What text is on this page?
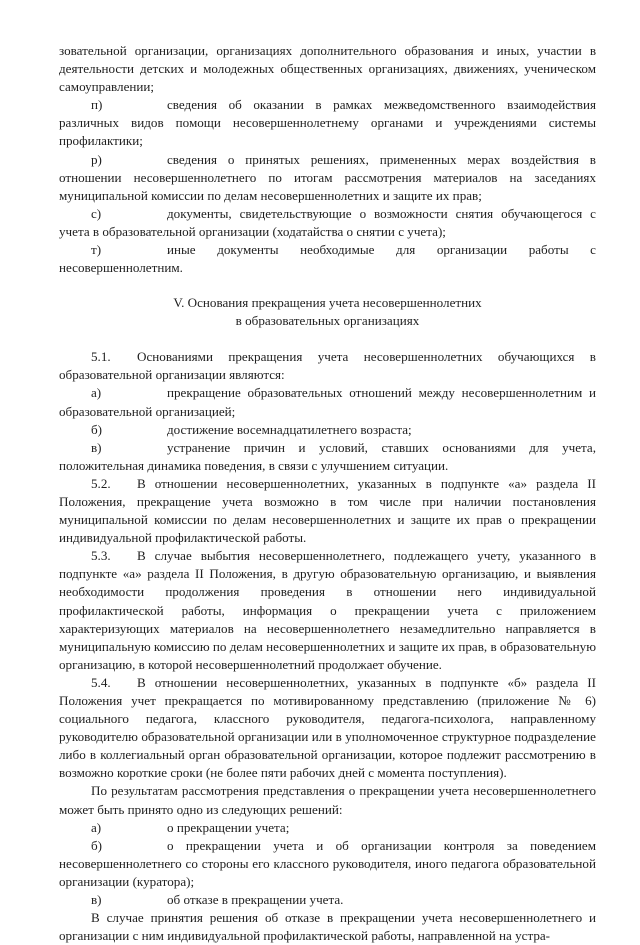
зовательной организации, организациях дополнительного образования и иных, участии в деятельности детских и молодежных общественных организациях, движениях, ученическом самоуправлении;

п)	сведения об оказании в рамках межведомственного взаимодействия различных видов помощи несовершеннолетнему органами и учреждениями системы профилактики;

р)	сведения о принятых решениях, примененных мерах воздействия в отношении несовершеннолетнего по итогам рассмотрения материалов на заседаниях муниципальной комиссии по делам несовершеннолетних и защите их прав;

с)	документы, свидетельствующие о возможности снятия обучающегося с учета в образовательной организации (ходатайства о снятии с учета);

т)	иные документы необходимые для организации работы с несовершеннолетним.

V. Основания прекращения учета несовершеннолетних
в образовательных организациях

5.1. Основаниями прекращения учета несовершеннолетних обучающихся в образовательной организации являются:

а)	прекращение образовательных отношений между несовершеннолетним и образовательной организацией;

б)	достижение восемнадцатилетнего возраста;

в)	устранение причин и условий, ставших основаниями для учета, положительная динамика поведения, в связи с улучшением ситуации.

5.2. В отношении несовершеннолетних, указанных в подпункте «а» раздела II Положения, прекращение учета возможно в том числе при наличии постановления муниципальной комиссии по делам несовершеннолетних и защите их прав о прекращении индивидуальной профилактической работы.

5.3. В случае выбытия несовершеннолетнего, подлежащего учету, указанного в подпункте «а» раздела II Положения, в другую образовательную организацию, и выявления необходимости продолжения проведения в отношении него индивидуальной профилактической работы, информация о прекращении учета с приложением характеризующих материалов на несовершеннолетнего незамедлительно направляется в муниципальную комиссию по делам несовершеннолетних и защите их прав, в образовательную организацию, в которой несовершеннолетний продолжает обучение.

5.4. В отношении несовершеннолетних, указанных в подпункте «б» раздела II Положения учет прекращается по мотивированному представлению (приложение № 6) социального педагога, классного руководителя, педагога-психолога, направленному руководителю образовательной организации или в уполномоченное структурное подразделение либо в коллегиальный орган образовательной организации, которое подлежит рассмотрению в возможно короткие сроки (не более пяти рабочих дней с момента поступления).

По результатам рассмотрения представления о прекращении учета несовершеннолетнего может быть принято одно из следующих решений:

а)	о прекращении учета;

б)	о прекращении учета и об организации контроля за поведением несовершеннолетнего со стороны его классного руководителя, иного педагога образовательной организации (куратора);

в)	об отказе в прекращении учета.

В случае принятия решения об отказе в прекращении учета несовершеннолетнего и организации с ним индивидуальной профилактической работы, направленной на устра-
